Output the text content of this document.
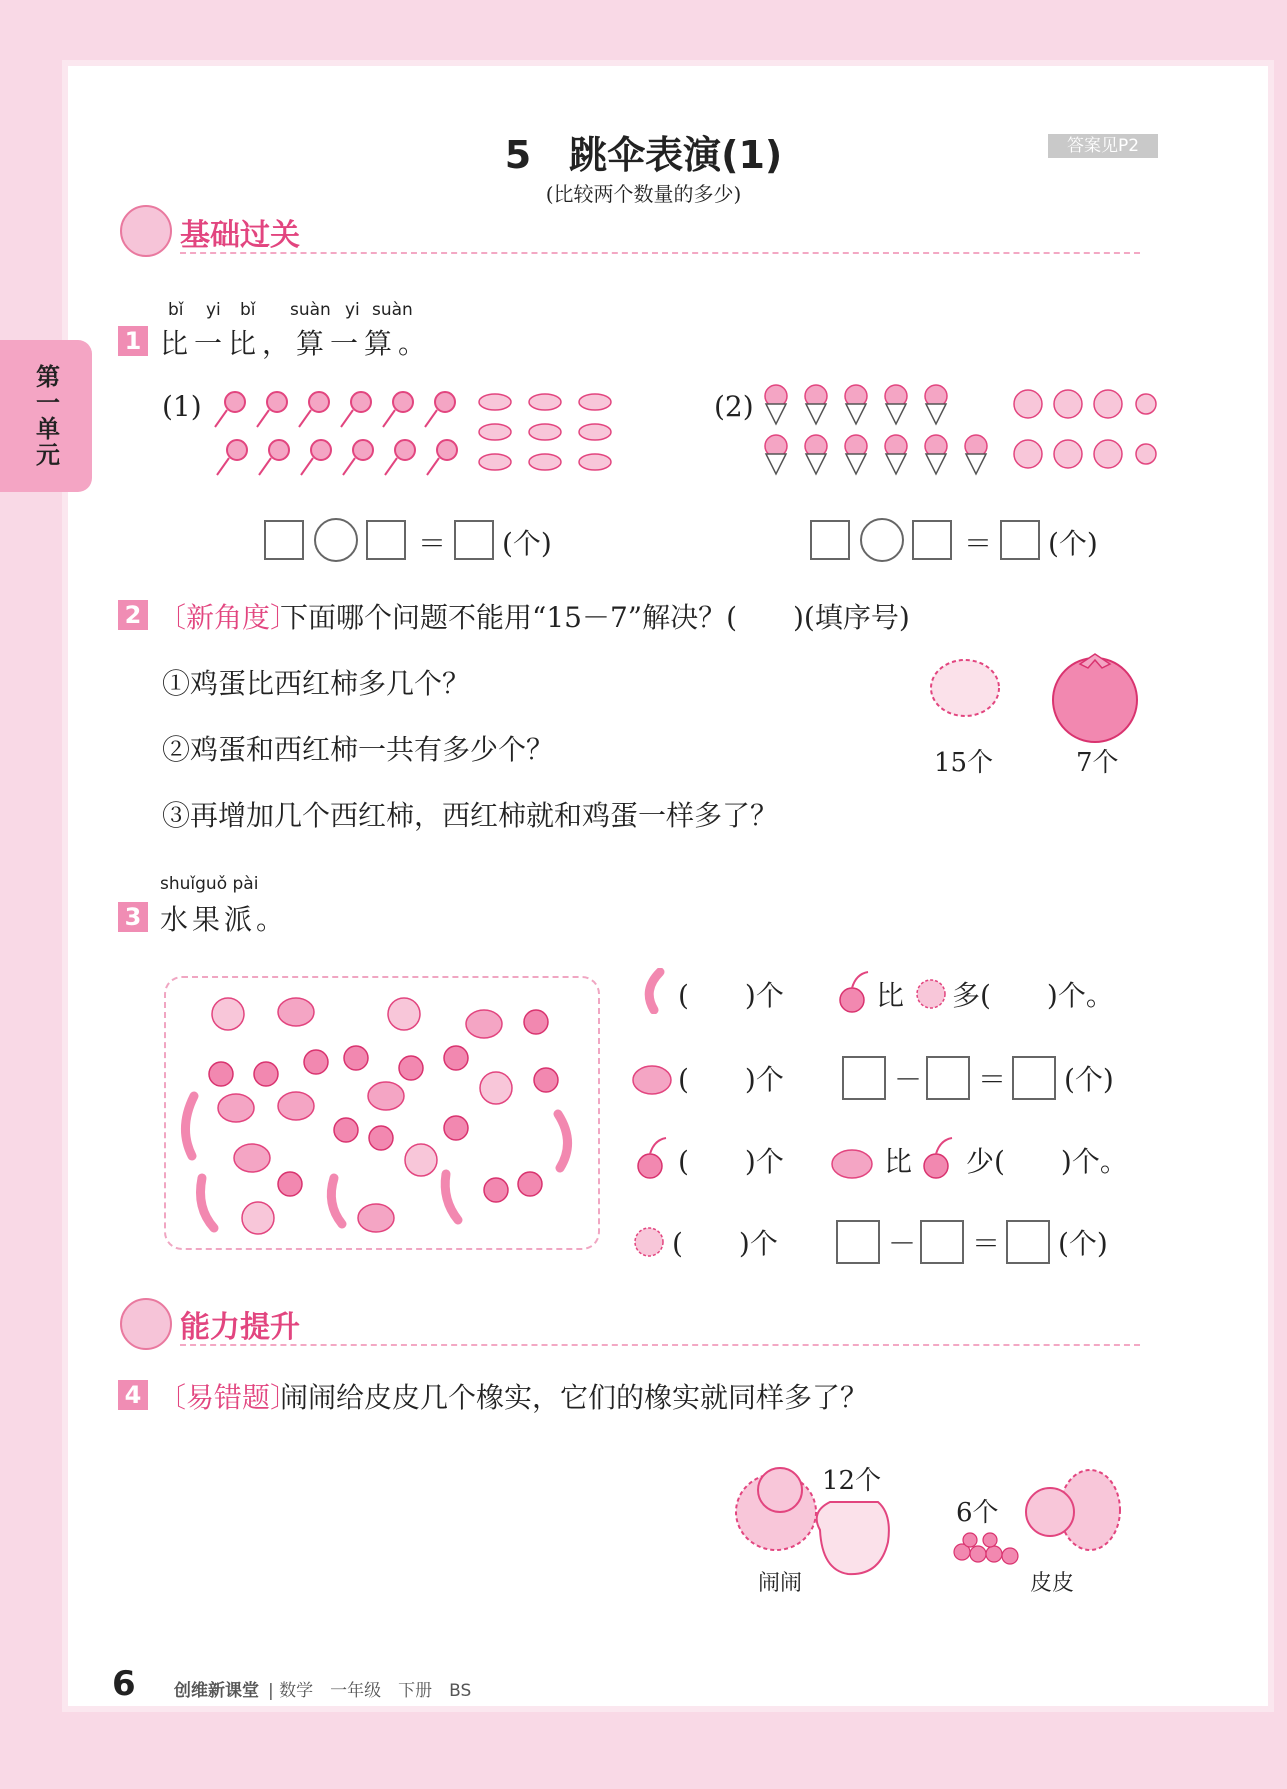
第一单元
5　跳伞表演(1)
(比较两个数量的多少)
答案见P2
基础过关
bǐ yi bǐ suàn yi suàn
1 比一比，算一算。
(1)	(2)
＝ (个)	＝ (个)
2 〔新角度〕
下面哪个问题不能用“15－7”解决？(　　)(填序号)
①鸡蛋比西红柿多几个？
②鸡蛋和西红柿一共有多少个？
③再增加几个西红柿，西红柿就和鸡蛋一样多了？
15个	7个
shuǐguǒ pài
3 水果派。
(　　)个	比 多(　　)个。
(　　)个	－ ＝ (个)
(　　)个	比 少(　　)个。
(　　)个	－ ＝ (个)
能力提升
4 〔易错题〕
闹闹给皮皮几个橡实，它们的橡实就同样多了？
12个
闹闹
6个
皮皮
6 创维新课堂 | 数学　一年级　下册　BS
